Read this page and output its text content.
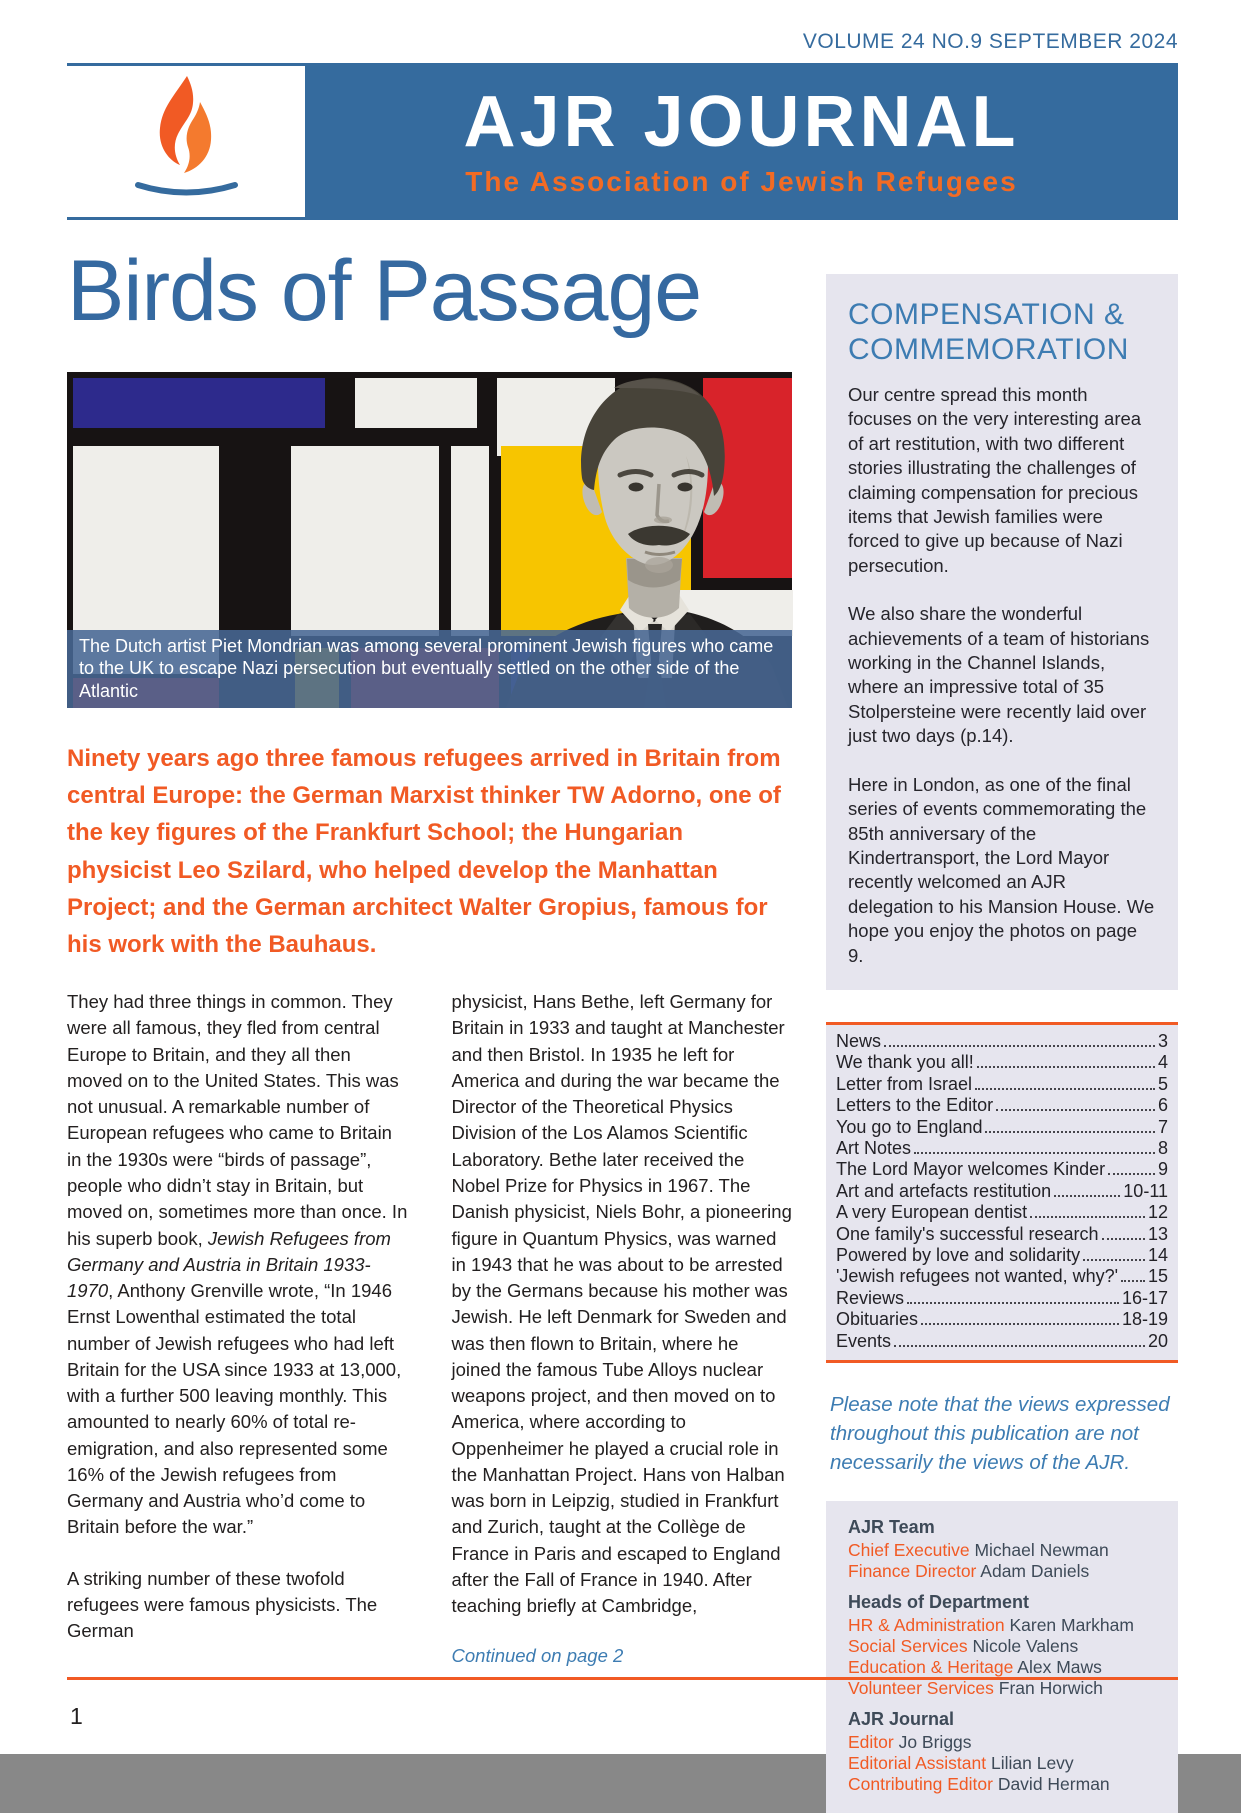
VOLUME 24 NO.9 SEPTEMBER 2024
AJR JOURNAL
The Association of Jewish Refugees
Birds of Passage
The Dutch artist Piet Mondrian was among several prominent Jewish figures who came to the UK to escape Nazi persecution but eventually settled on the other side of the Atlantic
Ninety years ago three famous refugees arrived in Britain from central Europe: the German Marxist thinker TW Adorno, one of the key figures of the Frankfurt School; the Hungarian physicist Leo Szilard, who helped develop the Manhattan Project; and the German architect Walter Gropius, famous for his work with the Bauhaus.

They had three things in common. They were all famous, they fled from central Europe to Britain, and they all then moved on to the United States. This was not unusual. A remarkable number of European refugees who came to Britain in the 1930s were “birds of passage”, people who didn’t stay in Britain, but moved on, sometimes more than once. In his superb book, Jewish Refugees from Germany and Austria in Britain 1933-1970, Anthony Grenville wrote, “In 1946 Ernst Lowenthal estimated the total number of Jewish refugees who had left Britain for the USA since 1933 at 13,000, with a further 500 leaving monthly. This amounted to nearly 60% of total re-emigration, and also represented some 16% of the Jewish refugees from Germany and Austria who’d come to Britain before the war.”

A striking number of these twofold refugees were famous physicists. The German

physicist, Hans Bethe, left Germany for Britain in 1933 and taught at Manchester and then Bristol. In 1935 he left for America and during the war became the Director of the Theoretical Physics Division of the Los Alamos Scientific Laboratory. Bethe later received the Nobel Prize for Physics in 1967. The Danish physicist, Niels Bohr, a pioneering figure in Quantum Physics, was warned in 1943 that he was about to be arrested by the Germans because his mother was Jewish. He left Denmark for Sweden and was then flown to Britain, where he joined the famous Tube Alloys nuclear weapons project, and then moved on to America, where according to Oppenheimer he played a crucial role in the Manhattan Project. Hans von Halban was born in Leipzig, studied in Frankfurt and Zurich, taught at the Collège de France in Paris and escaped to England after the Fall of France in 1940. After teaching briefly at Cambridge,

Continued on page 2

COMPENSATION & COMMEMORATION

Our centre spread this month focuses on the very interesting area of art restitution, with two different stories illustrating the challenges of claiming compensation for precious items that Jewish families were forced to give up because of Nazi persecution.

We also share the wonderful achievements of a team of historians working in the Channel Islands, where an impressive total of 35 Stolpersteine were recently laid over just two days (p.14).

Here in London, as one of the final series of events commemorating the 85th anniversary of the Kindertransport, the Lord Mayor recently welcomed an AJR delegation to his Mansion House. We hope you enjoy the photos on page 9.

News	3
We thank you all!	4
Letter from Israel	5
Letters to the Editor	6
You go to England	7
Art Notes	8
The Lord Mayor welcomes Kinder	9
Art and artefacts restitution	10-11
A very European dentist	12
One family's successful research	13
Powered by love and solidarity	14
'Jewish refugees not wanted, why?' 15
Reviews	16-17
Obituaries	18-19
Events	20
Please note that the views expressed throughout this publication are not necessarily the views of the AJR.
AJR Team
Chief Executive Michael Newman
Finance Director Adam Daniels
Heads of Department
HR & Administration Karen Markham
Social Services Nicole Valens
Education & Heritage Alex Maws
Volunteer Services Fran Horwich
AJR Journal
Editor Jo Briggs
Editorial Assistant Lilian Levy
Contributing Editor David Herman
1
